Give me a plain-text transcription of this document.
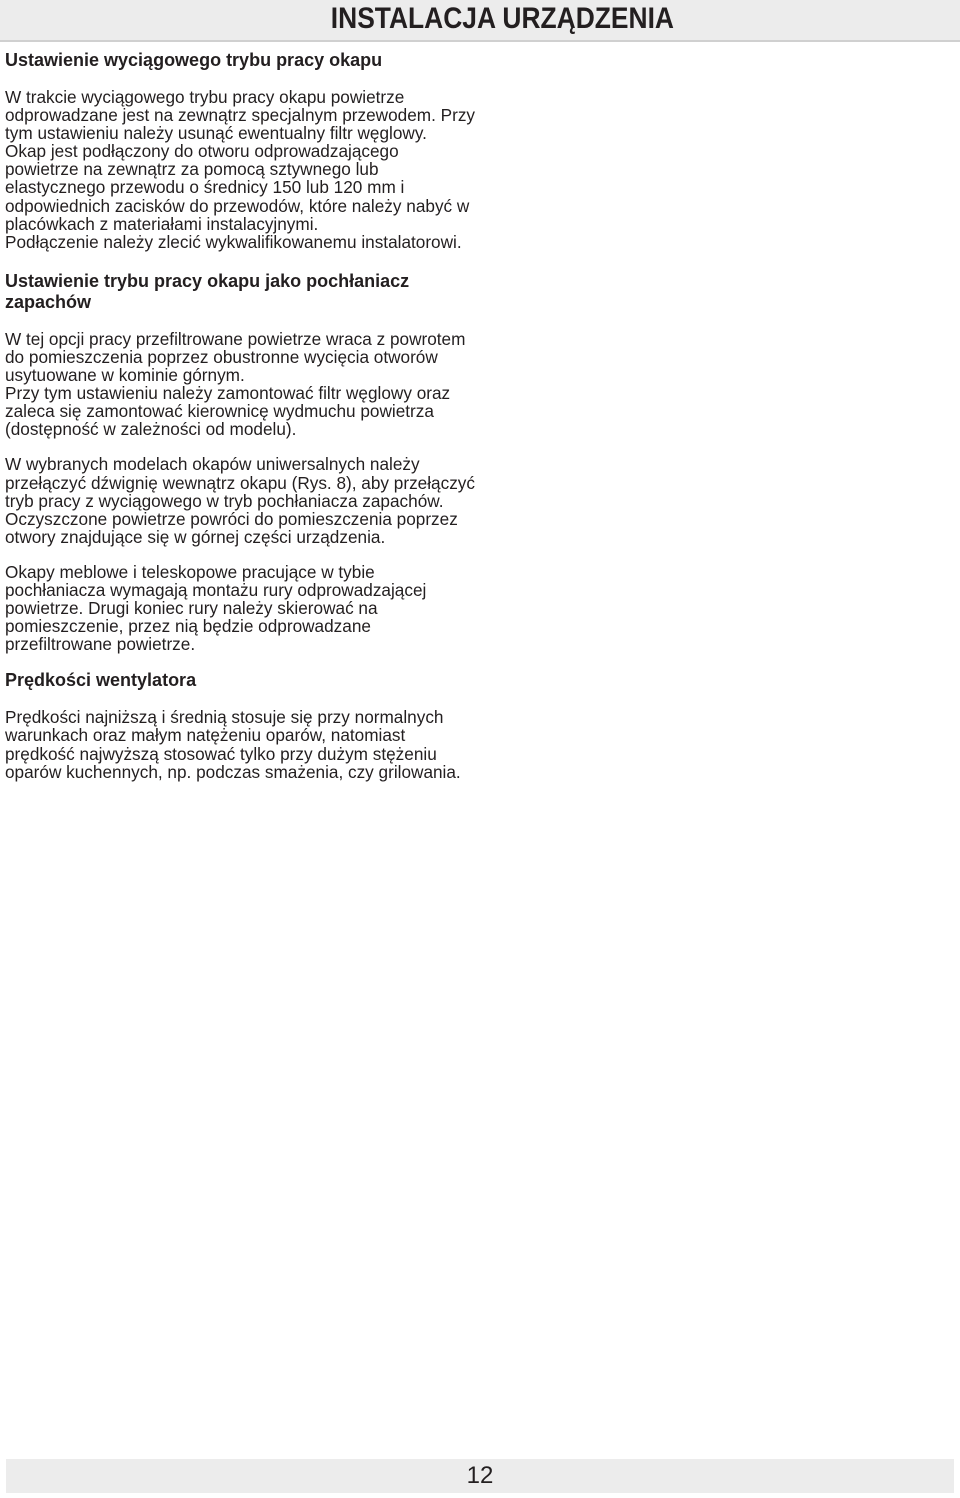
INSTALACJA URZĄDZENIA
Ustawienie wyciągowego trybu pracy okapu
W trakcie wyciągowego trybu pracy okapu powietrze odprowadzane jest na zewnątrz specjalnym przewodem. Przy tym ustawieniu należy usunąć ewentualny filtr węglowy.
Okap jest podłączony do otworu odprowadzającego powietrze na zewnątrz za pomocą sztywnego lub elastycznego przewodu o średnicy 150 lub 120 mm i odpowiednich zacisków do przewodów, które należy nabyć w placówkach z materiałami instalacyjnymi.
Podłączenie należy zlecić wykwalifikowanemu instalatorowi.
Ustawienie trybu pracy okapu jako pochłaniacz zapachów
W tej opcji pracy przefiltrowane powietrze wraca z powrotem do pomieszczenia poprzez obustronne wycięcia otworów usytuowane w kominie górnym.
Przy tym ustawieniu należy zamontować filtr węglowy oraz zaleca się zamontować kierownicę wydmuchu powietrza (dostępność w zależności od modelu).
W wybranych modelach okapów uniwersalnych należy przełączyć dźwignię wewnątrz okapu (Rys. 8), aby przełączyć tryb pracy z wyciągowego w tryb pochłaniacza zapachów. Oczyszczone powietrze powróci do pomieszczenia poprzez otwory znajdujące się w górnej części urządzenia.
Okapy meblowe i teleskopowe pracujące w tybie pochłaniacza wymagają montażu rury odprowadzającej powietrze. Drugi koniec rury należy skierować na pomieszczenie, przez nią będzie odprowadzane przefiltrowane powietrze.
Prędkości wentylatora
Prędkości najniższą i średnią stosuje się przy normalnych warunkach oraz małym natężeniu oparów, natomiast prędkość najwyższą stosować tylko przy dużym stężeniu oparów kuchennych, np. podczas smażenia, czy grilowania.
12
